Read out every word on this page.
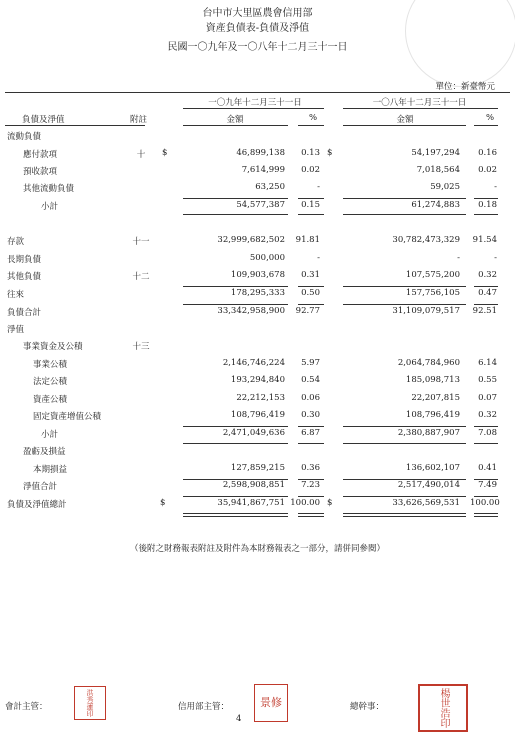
台中市大里區農會信用部
資產負債表-負債及淨值
民國一〇九年及一〇八年十二月三十一日
單位：新臺幣元
一〇九年十二月三十一日	一〇八年十二月三十一日
負債及淨值	附註	金額	%	金額	%
流動負債
應付款項	十	46,899,138	0.13	54,197,294	0.16
預收款項	7,614,999	0.02	7,018,564	0.02
其他流動負債	63,250	-	59,025	-
小計	54,577,387	0.15	61,274,883	0.18
存款	十一	32,999,682,502	91.81	30,782,473,329	91.54
長期負債	500,000	-	-	-
其他負債	十二	109,903,678	0.31	107,575,200	0.32
往來	178,295,333	0.50	157,756,105	0.47
負債合計	33,342,958,900	92.77	31,109,079,517	92.51
淨值
事業資金及公積	十三
事業公積	2,146,746,224	5.97	2,064,784,960	6.14
法定公積	193,294,840	0.54	185,098,713	0.55
資產公積	22,212,153	0.06	22,207,815	0.07
固定資產增值公積	108,796,419	0.30	108,796,419	0.32
小計	2,471,049,636	6.87	2,380,887,907	7.08
盈虧及損益
本期損益	127,859,215	0.36	136,602,107	0.41
淨值合計	2,598,908,851	7.23	2,517,490,014	7.49
負債及淨值總計	35,941,867,751 100.00	33,626,569,531 100.00
$	$
$	$
（後附之財務報表附註及附件為本財務報表之一部分，請併同參閱）
會計主管：	洪秀蓮印	信用部主管：	景修
4
總幹事：	楊世浩印
